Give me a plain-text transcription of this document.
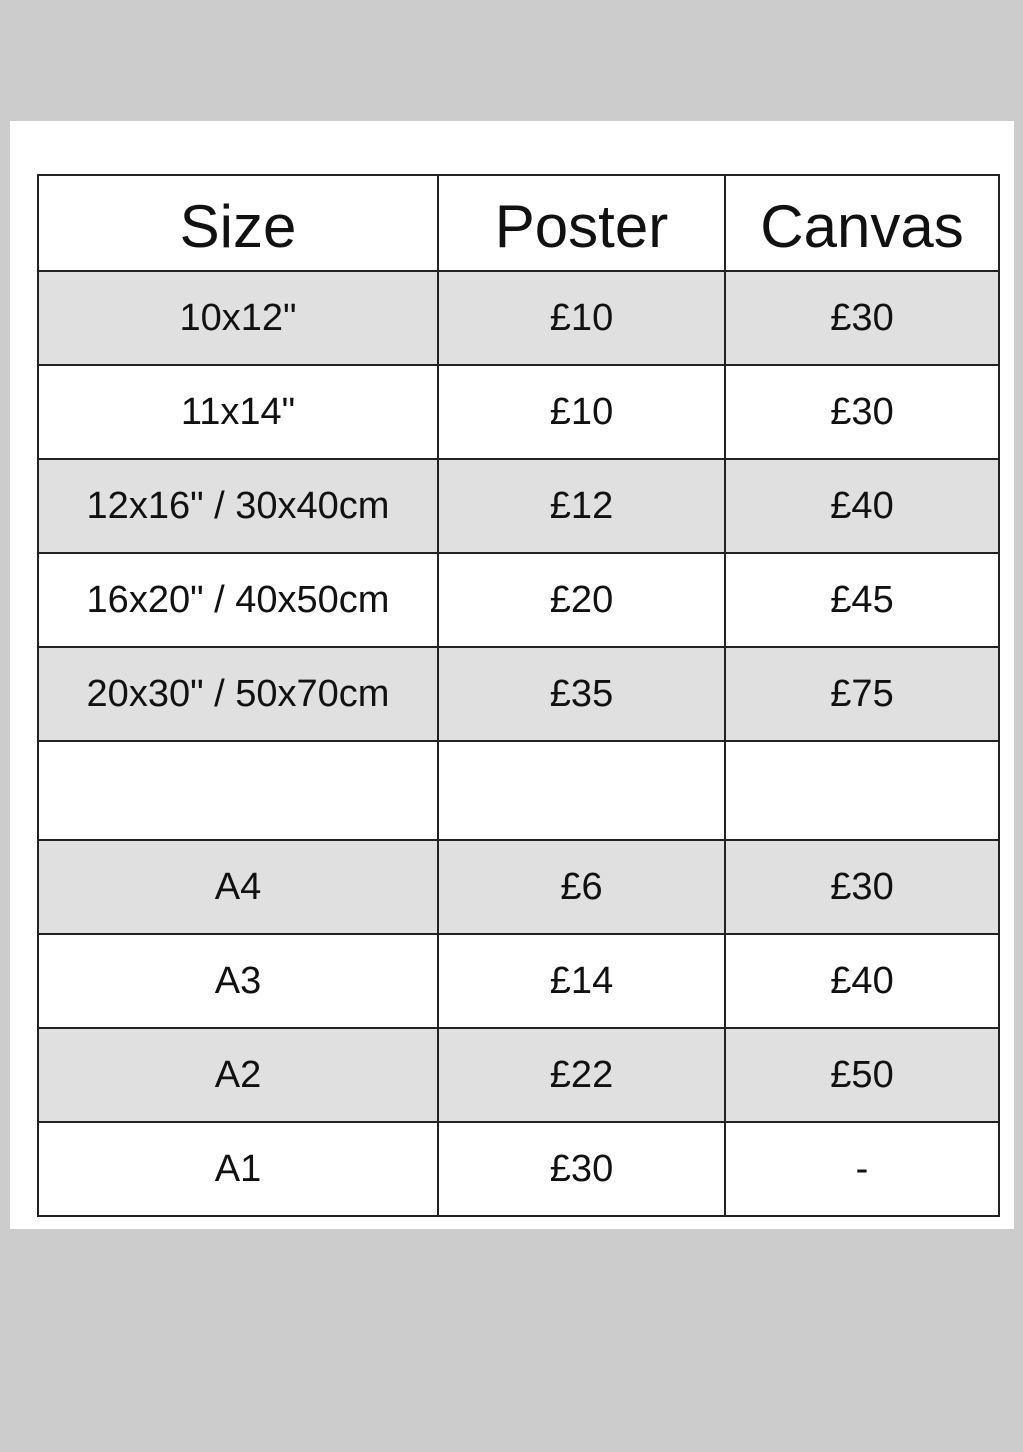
Size	Poster	Canvas
10x12"	£10	£30
11x14"	£10	£30
12x16" / 30x40cm	£12	£40
16x20" / 40x50cm	£20	£45
20x30" / 50x70cm	£35	£75

A4	£6	£30
A3	£14	£40
A2	£22	£50
A1	£30	-
